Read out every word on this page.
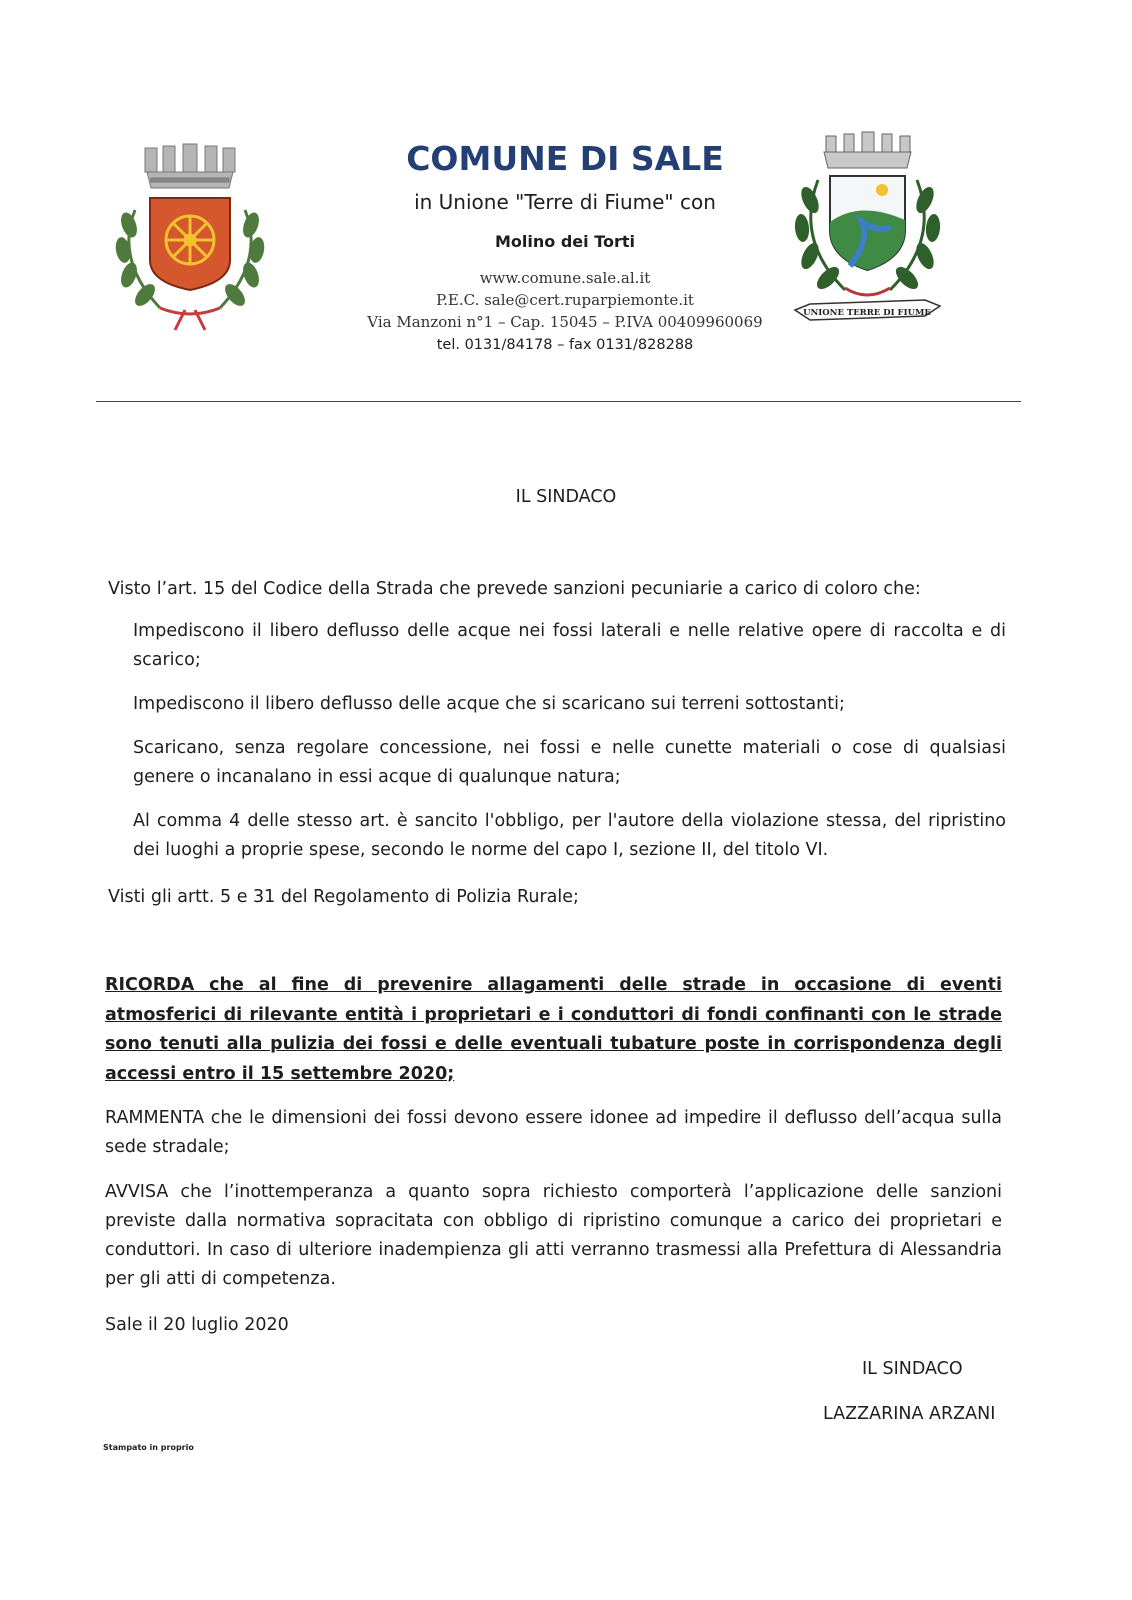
COMUNE DI SALE
in Unione "Terre di Fiume" con
Molino dei Torti
www.comune.sale.al.it
P.E.C. sale@cert.ruparpiemonte.it
Via Manzoni n°1 – Cap. 15045 – P.IVA 00409960069
tel. 0131/84178 – fax 0131/828288
UNIONE TERRE DI FIUME
IL SINDACO
Visto l’art. 15 del Codice della Strada che prevede sanzioni pecuniarie a carico di coloro che:

Impediscono il libero deflusso delle acque nei fossi laterali e nelle relative opere di raccolta e di scarico;

Impediscono il libero deflusso delle acque che si scaricano sui terreni sottostanti;

Scaricano, senza regolare concessione, nei fossi e nelle cunette materiali o cose di qualsiasi genere o incanalano in essi acque di qualunque natura;

Al comma 4 delle stesso art. è sancito l'obbligo, per l'autore della violazione stessa, del ripristino dei luoghi a proprie spese, secondo le norme del capo I, sezione II, del titolo VI.

Visti gli artt. 5 e 31 del Regolamento di Polizia Rurale;
RICORDA che al fine di prevenire allagamenti delle strade in occasione di eventi atmosferici di rilevante entità i proprietari e i conduttori di fondi confinanti con le strade sono tenuti alla pulizia dei fossi e delle eventuali tubature poste in corrispondenza degli accessi entro il 15 settembre 2020;
RAMMENTA che le dimensioni dei fossi devono essere idonee ad impedire il deflusso dell’acqua sulla sede stradale;
AVVISA che l’inottemperanza a quanto sopra richiesto comporterà l’applicazione delle sanzioni previste dalla normativa sopracitata con obbligo di ripristino comunque a carico dei proprietari e conduttori. In caso di ulteriore inadempienza gli atti verranno trasmessi alla Prefettura di Alessandria per gli atti di competenza.
Sale il 20 luglio 2020
IL SINDACO
LAZZARINA ARZANI
Stampato in proprio
